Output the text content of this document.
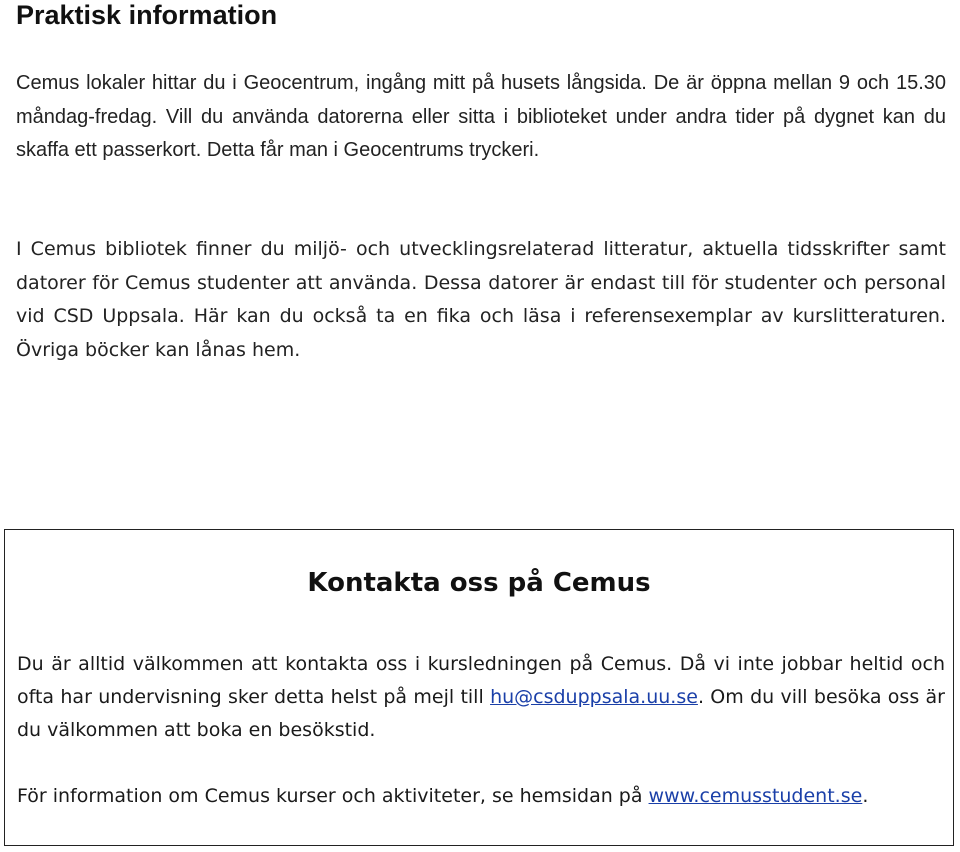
Praktisk information

Cemus lokaler hittar du i Geocentrum, ingång mitt på husets långsida. De är öppna mellan 9 och 15.30 måndag-fredag. Vill du använda datorerna eller sitta i biblioteket under andra tider på dygnet kan du skaffa ett passerkort. Detta får man i Geocentrums tryckeri.

I Cemus bibliotek finner du miljö- och utvecklingsrelaterad litteratur, aktuella tidsskrifter samt datorer för Cemus studenter att använda. Dessa datorer är endast till för studenter och personal vid CSD Uppsala. Här kan du också ta en fika och läsa i referensexemplar av kurslitteraturen. Övriga böcker kan lånas hem.

Kontakta oss på Cemus

Du är alltid välkommen att kontakta oss i kursledningen på Cemus. Då vi inte jobbar heltid och ofta har undervisning sker detta helst på mejl till hu@csduppsala.uu.se. Om du vill besöka oss är du välkommen att boka en besökstid.

För information om Cemus kurser och aktiviteter, se hemsidan på www.cemusstudent.se.
